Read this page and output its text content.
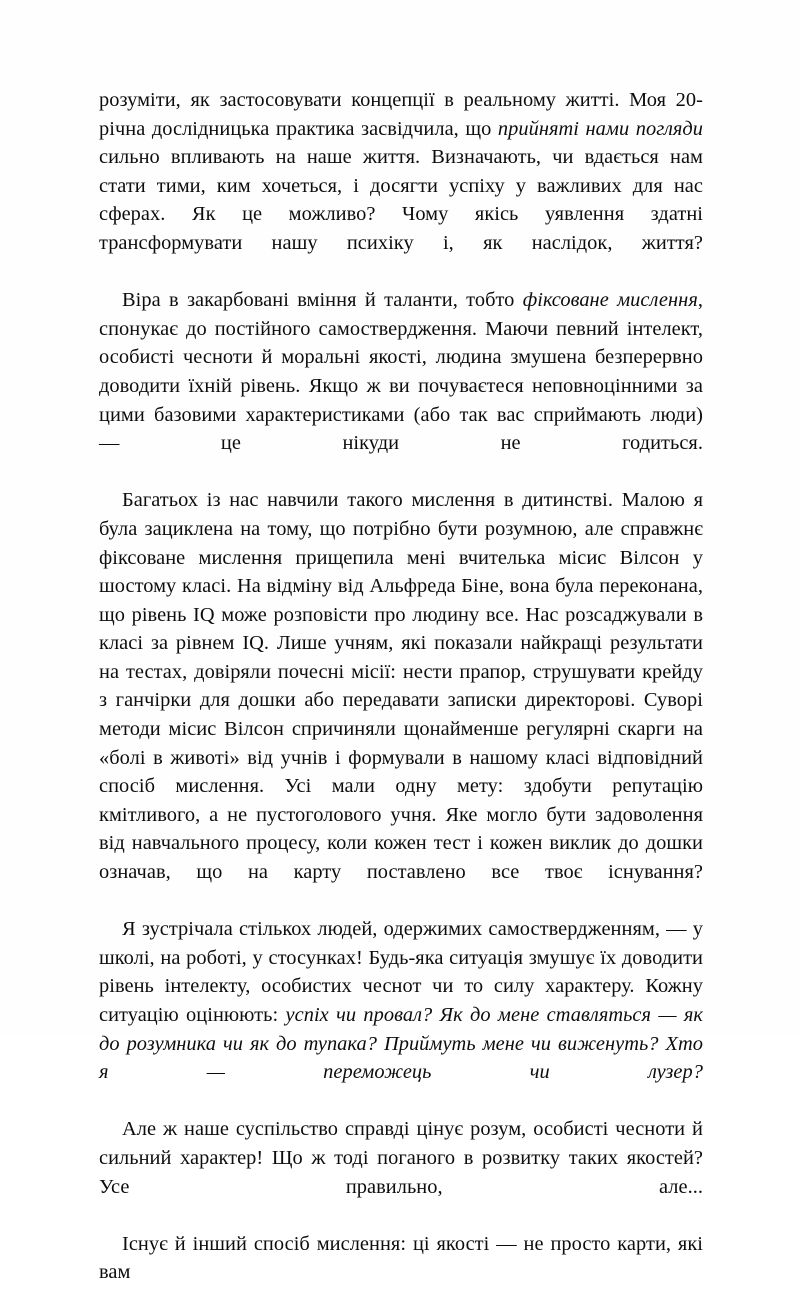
розуміти, як застосовувати концепції в реальному житті. Моя 20-річна дослідницька практика засвідчила, що прийняті нами погляди сильно впливають на наше життя. Визначають, чи вдається нам стати тими, ким хочеться, і досягти успіху у важливих для нас сферах. Як це можливо? Чому якісь уявлення здатні трансформувати нашу психіку і, як наслідок, життя?

Віра в закарбовані вміння й таланти, тобто фіксоване мислення, спонукає до постійного самоствердження. Маючи певний інтелект, особисті чесноти й моральні якості, людина змушена безперервно доводити їхній рівень. Якщо ж ви почуваєтеся неповноцінними за цими базовими характеристиками (або так вас сприймають люди) — це нікуди не годиться.

Багатьох із нас навчили такого мислення в дитинстві. Малою я була зациклена на тому, що потрібно бути розумною, але справжнє фіксоване мислення прищепила мені вчителька місис Вілсон у шостому класі. На відміну від Альфреда Біне, вона була переконана, що рівень IQ може розповісти про людину все. Нас розсаджували в класі за рівнем IQ. Лише учням, які показали найкращі результати на тестах, довіряли почесні місії: нести прапор, струшувати крейду з ганчірки для дошки або передавати записки директорові. Суворі методи місис Вілсон спричиняли щонайменше регулярні скарги на «болі в животі» від учнів і формували в нашому класі відповідний спосіб мислення. Усі мали одну мету: здобути репутацію кмітливого, а не пустоголового учня. Яке могло бути задоволення від навчального процесу, коли кожен тест і кожен виклик до дошки означав, що на карту поставлено все твоє існування?

Я зустрічала стількох людей, одержимих самоствердженням, — у школі, на роботі, у стосунках! Будь-яка ситуація змушує їх доводити рівень інтелекту, особистих чеснот чи то силу характеру. Кожну ситуацію оцінюють: успіх чи провал? Як до мене ставляться — як до розумника чи як до тупака? Приймуть мене чи виженуть? Хто я — переможець чи лузер?

Але ж наше суспільство справді цінує розум, особисті чесноти й сильний характер! Що ж тоді поганого в розвитку таких якостей? Усе правильно, але...

Існує й інший спосіб мислення: ці якості — не просто карти, які вам
